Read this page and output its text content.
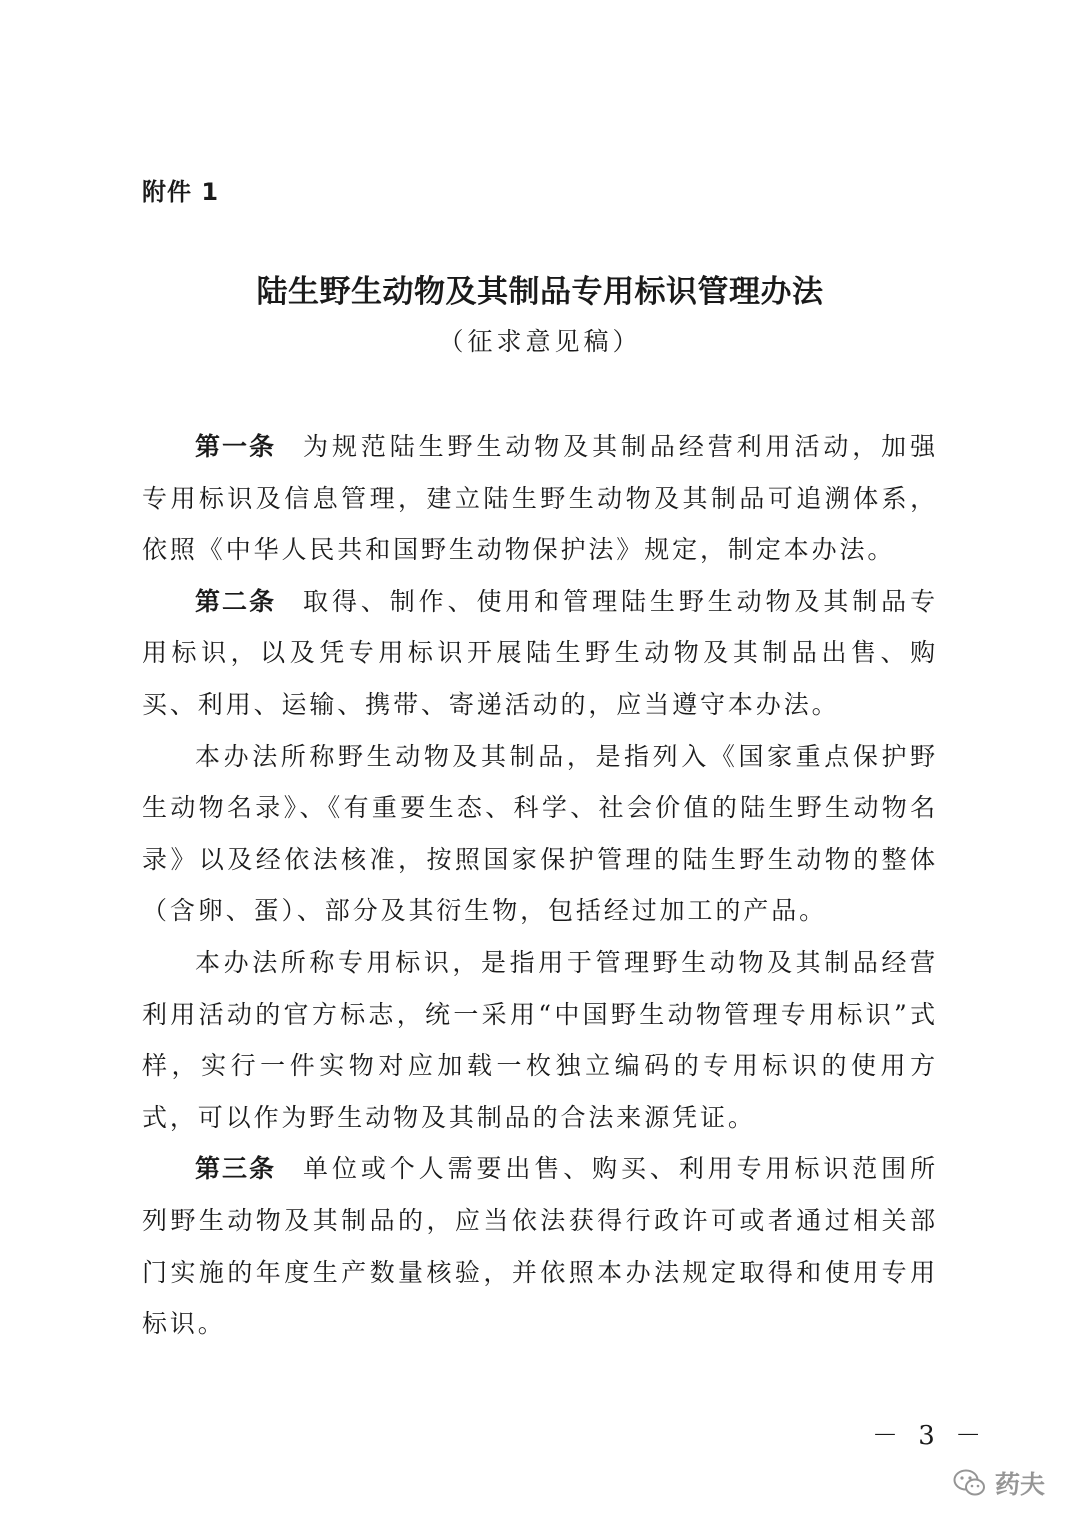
附件 1
陆生野生动物及其制品专用标识管理办法
（征求意见稿）

第一条 为规范陆生野生动物及其制品经营利用活动，加强专用标识及信息管理，建立陆生野生动物及其制品可追溯体系，依照《中华人民共和国野生动物保护法》规定，制定本办法。

第二条 取得、制作、使用和管理陆生野生动物及其制品专用标识，以及凭专用标识开展陆生野生动物及其制品出售、购买、利用、运输、携带、寄递活动的，应当遵守本办法。

本办法所称野生动物及其制品，是指列入《国家重点保护野生动物名录》、《有重要生态、科学、社会价值的陆生野生动物名录》以及经依法核准，按照国家保护管理的陆生野生动物的整体（含卵、蛋）、部分及其衍生物，包括经过加工的产品。

本办法所称专用标识，是指用于管理野生动物及其制品经营利用活动的官方标志，统一采用“中国野生动物管理专用标识”式样，实行一件实物对应加载一枚独立编码的专用标识的使用方式，可以作为野生动物及其制品的合法来源凭证。

第三条 单位或个人需要出售、购买、利用专用标识范围所列野生动物及其制品的，应当依法获得行政许可或者通过相关部门实施的年度生产数量核验，并依照本办法规定取得和使用专用标识。

－ 3 －
药夫
